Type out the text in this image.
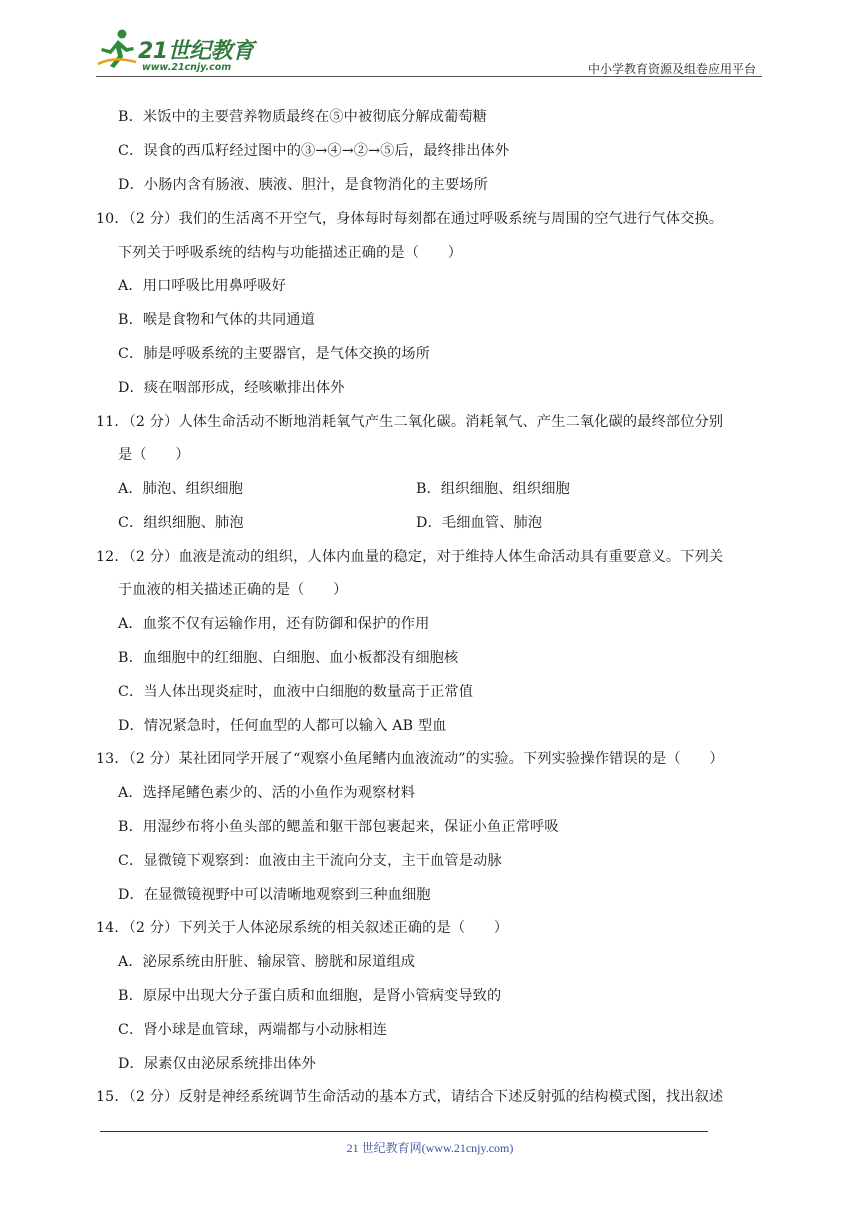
21世纪教育
www.21cnjy.com	中小学教育资源及组卷应用平台
B．米饭中的主要营养物质最终在⑤中被彻底分解成葡萄糖
C．误食的西瓜籽经过图中的③→④→②→⑤后，最终排出体外
D．小肠内含有肠液、胰液、胆汁，是食物消化的主要场所
10．（2 分）我们的生活离不开空气，身体每时每刻都在通过呼吸系统与周围的空气进行气体交换。
下列关于呼吸系统的结构与功能描述正确的是（　　）
A．用口呼吸比用鼻呼吸好
B．喉是食物和气体的共同通道
C．肺是呼吸系统的主要器官，是气体交换的场所
D．痰在咽部形成，经咳嗽排出体外
11．（2 分）人体生命活动不断地消耗氧气产生二氧化碳。消耗氧气、产生二氧化碳的最终部位分别
是（　　）
A．肺泡、组织细胞	B．组织细胞、组织细胞
C．组织细胞、肺泡	D．毛细血管、肺泡
12．（2 分）血液是流动的组织，人体内血量的稳定，对于维持人体生命活动具有重要意义。下列关
于血液的相关描述正确的是（　　）
A．血浆不仅有运输作用，还有防御和保护的作用
B．血细胞中的红细胞、白细胞、血小板都没有细胞核
C．当人体出现炎症时，血液中白细胞的数量高于正常值
D．情况紧急时，任何血型的人都可以输入 AB 型血
13．（2 分）某社团同学开展了“观察小鱼尾鳍内血液流动”的实验。下列实验操作错误的是（　　）
A．选择尾鳍色素少的、活的小鱼作为观察材料
B．用湿纱布将小鱼头部的鳃盖和躯干部包裹起来，保证小鱼正常呼吸
C．显微镜下观察到：血液由主干流向分支，主干血管是动脉
D．在显微镜视野中可以清晰地观察到三种血细胞
14．（2 分）下列关于人体泌尿系统的相关叙述正确的是（　　）
A．泌尿系统由肝脏、输尿管、膀胱和尿道组成
B．原尿中出现大分子蛋白质和血细胞，是肾小管病变导致的
C．肾小球是血管球，两端都与小动脉相连
D．尿素仅由泌尿系统排出体外
15．（2 分）反射是神经系统调节生命活动的基本方式，请结合下述反射弧的结构模式图，找出叙述
21 世纪教育网(www.21cnjy.com)
